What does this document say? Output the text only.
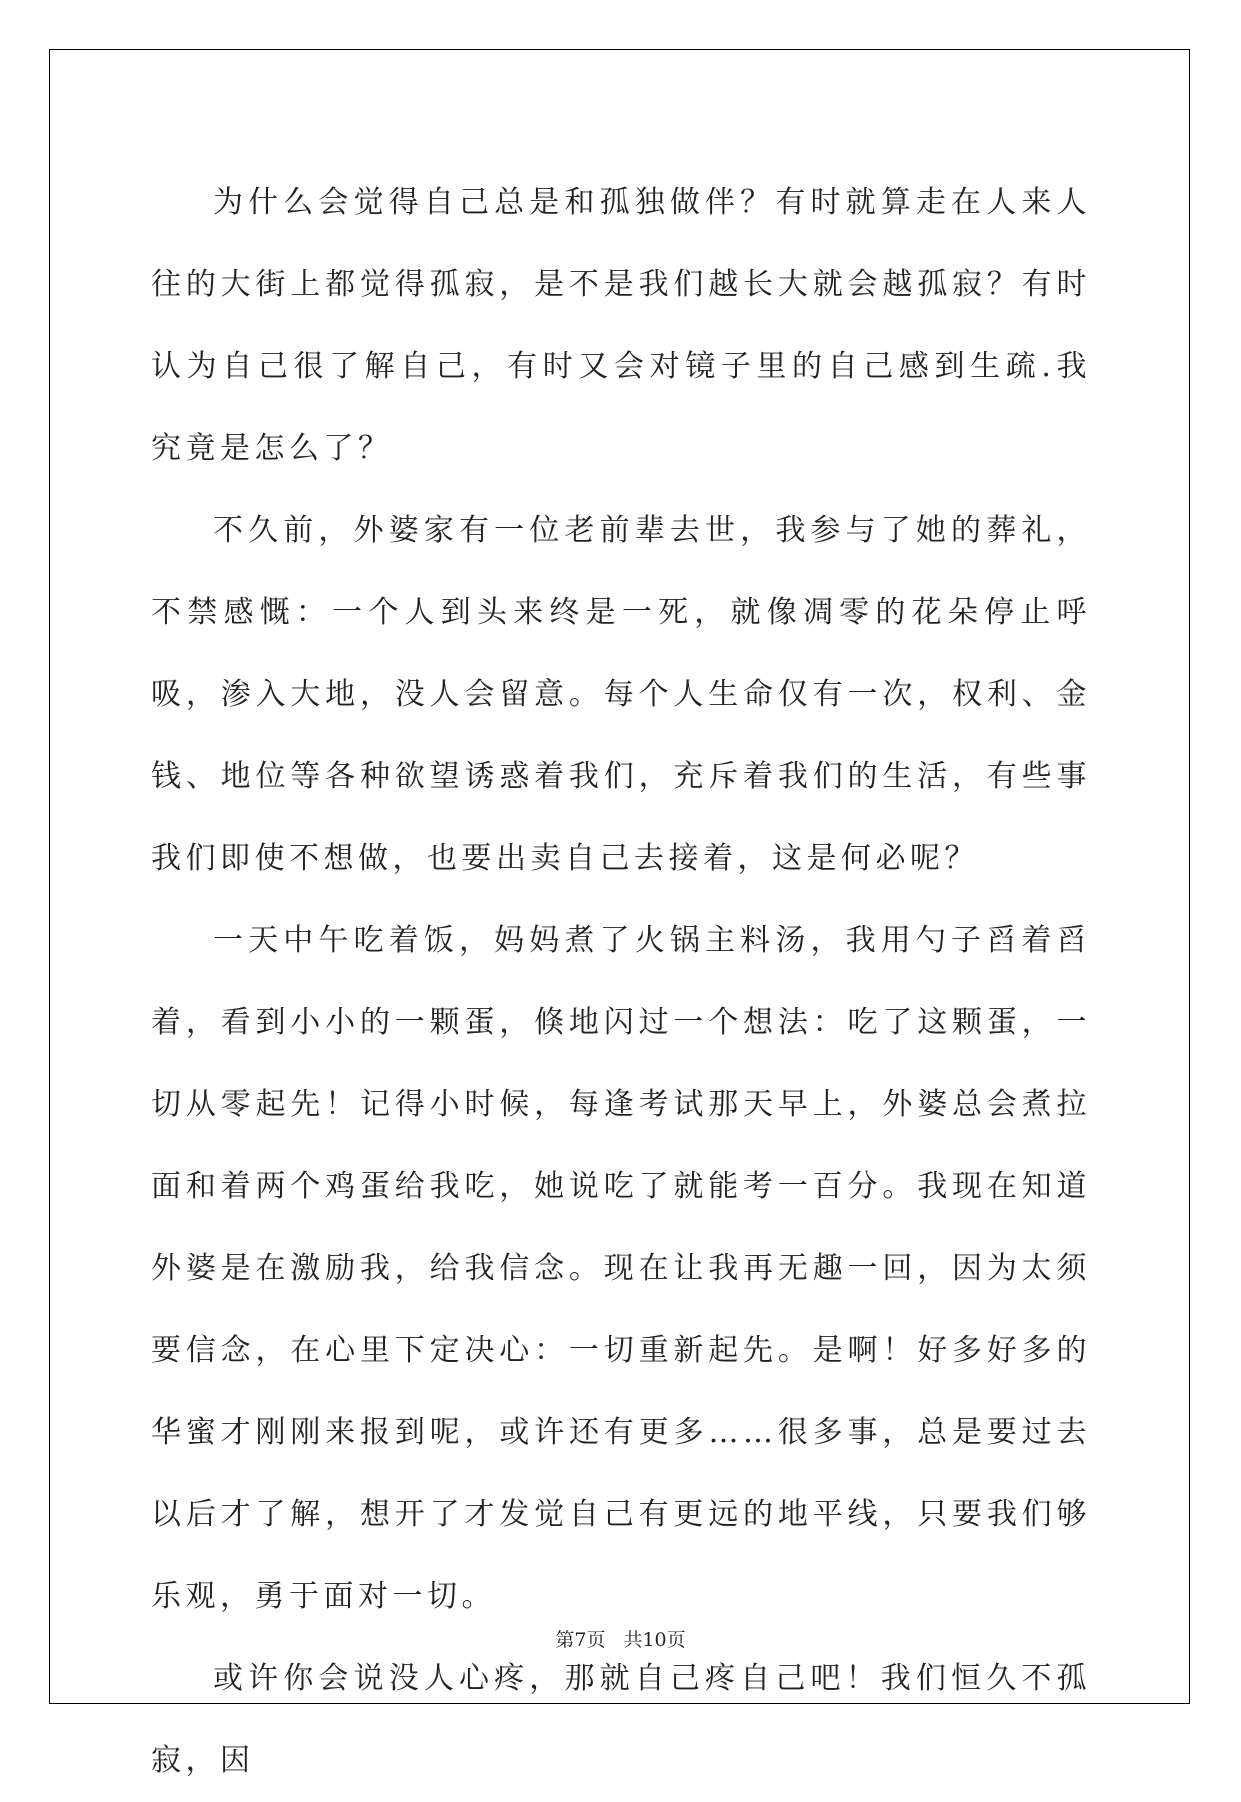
为什么会觉得自己总是和孤独做伴？有时就算走在人来人往的大街上都觉得孤寂，是不是我们越长大就会越孤寂？有时认为自己很了解自己，有时又会对镜子里的自己感到生疏.我究竟是怎么了？

不久前，外婆家有一位老前辈去世，我参与了她的葬礼，不禁感慨：一个人到头来终是一死，就像凋零的花朵停止呼吸，渗入大地，没人会留意。每个人生命仅有一次，权利、金钱、地位等各种欲望诱惑着我们，充斥着我们的生活，有些事我们即使不想做，也要出卖自己去接着，这是何必呢？

一天中午吃着饭，妈妈煮了火锅主料汤，我用勺子舀着舀着，看到小小的一颗蛋，倏地闪过一个想法：吃了这颗蛋，一切从零起先！记得小时候，每逢考试那天早上，外婆总会煮拉面和着两个鸡蛋给我吃，她说吃了就能考一百分。我现在知道外婆是在激励我，给我信念。现在让我再无趣一回，因为太须要信念，在心里下定决心：一切重新起先。是啊！好多好多的华蜜才刚刚来报到呢，或许还有更多……很多事，总是要过去以后才了解，想开了才发觉自己有更远的地平线，只要我们够乐观，勇于面对一切。

或许你会说没人心疼，那就自己疼自己吧！我们恒久不孤寂，因

第7页 共10页
